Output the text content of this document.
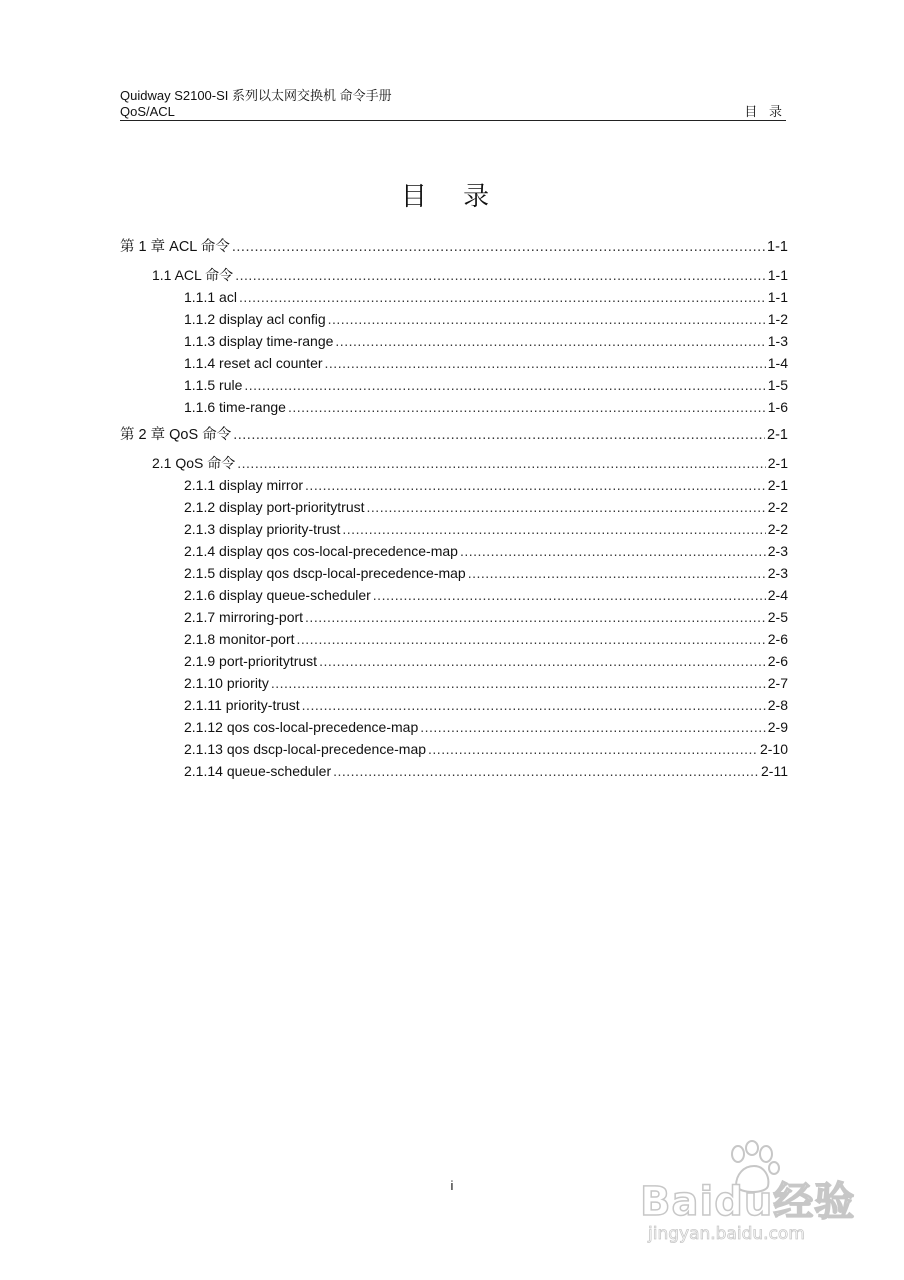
Quidway S2100-SI 系列以太网交换机 命令手册
QoS/ACL	目 录
目 录
第 1 章 ACL 命令 .....	1-1
1.1 ACL 命令 .....	1-1
1.1.1 acl .....	1-1
1.1.2 display acl config .....	1-2
1.1.3 display time-range .....	1-3
1.1.4 reset acl counter .....	1-4
1.1.5 rule .....	1-5
1.1.6 time-range .....	1-6
第 2 章 QoS 命令 .....	2-1
2.1 QoS 命令 .....	2-1
2.1.1 display mirror .....	2-1
2.1.2 display port-prioritytrust .....	2-2
2.1.3 display priority-trust .....	2-2
2.1.4 display qos cos-local-precedence-map .....	2-3
2.1.5 display qos dscp-local-precedence-map .....	2-3
2.1.6 display queue-scheduler .....	2-4
2.1.7 mirroring-port .....	2-5
2.1.8 monitor-port .....	2-6
2.1.9 port-prioritytrust .....	2-6
2.1.10 priority .....	2-7
2.1.11 priority-trust .....	2-8
2.1.12 qos cos-local-precedence-map .....	2-9
2.1.13 qos dscp-local-precedence-map .....	2-10
2.1.14 queue-scheduler .....	2-11
i	Baidu经验
jingyan.baidu.com
